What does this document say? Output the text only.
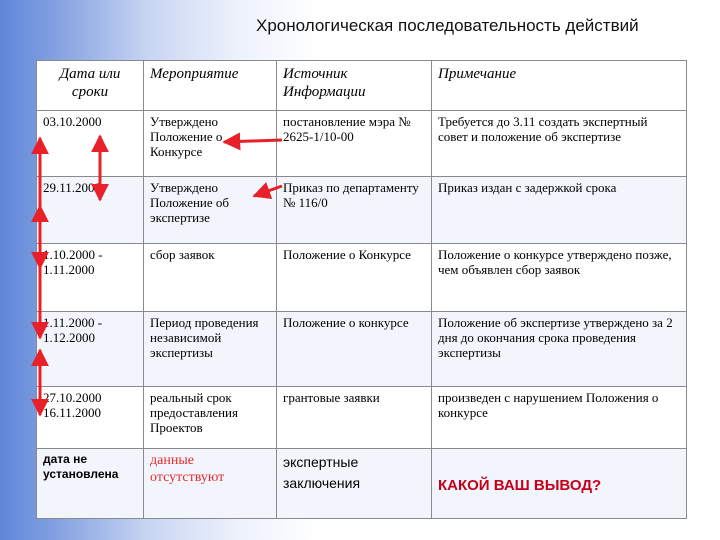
Хронологическая последовательность действий
Дата или сроки	Мероприятие	Источник Информации	Примечание
03.10.2000	Утверждено Положение о Конкурсе	постановление мэра № 2625-1/10-00	Требуется до 3.11 создать экспертный совет и положение об экспертизе
29.11.2000	Утверждено Положение об экспертизе	Приказ по департаменту № 116/0	Приказ издан с задержкой срока
1.10.2000 - 1.11.2000	сбор заявок	Положение о Конкурсе	Положение о конкурсе утверждено позже, чем объявлен сбор заявок
1.11.2000 - 1.12.2000	Период проведения независимой экспертизы	Положение о конкурсе	Положение об экспертизе утверждено за 2 дня до окончания срока проведения экспертизы
27.10.2000 16.11.2000	реальный срок предоставления Проектов	грантовые заявки	произведен с нарушением Положения о конкурсе
дата не установлена	данные отсутствуют	экспертные заключения	КАКОЙ ВАШ ВЫВОД?
